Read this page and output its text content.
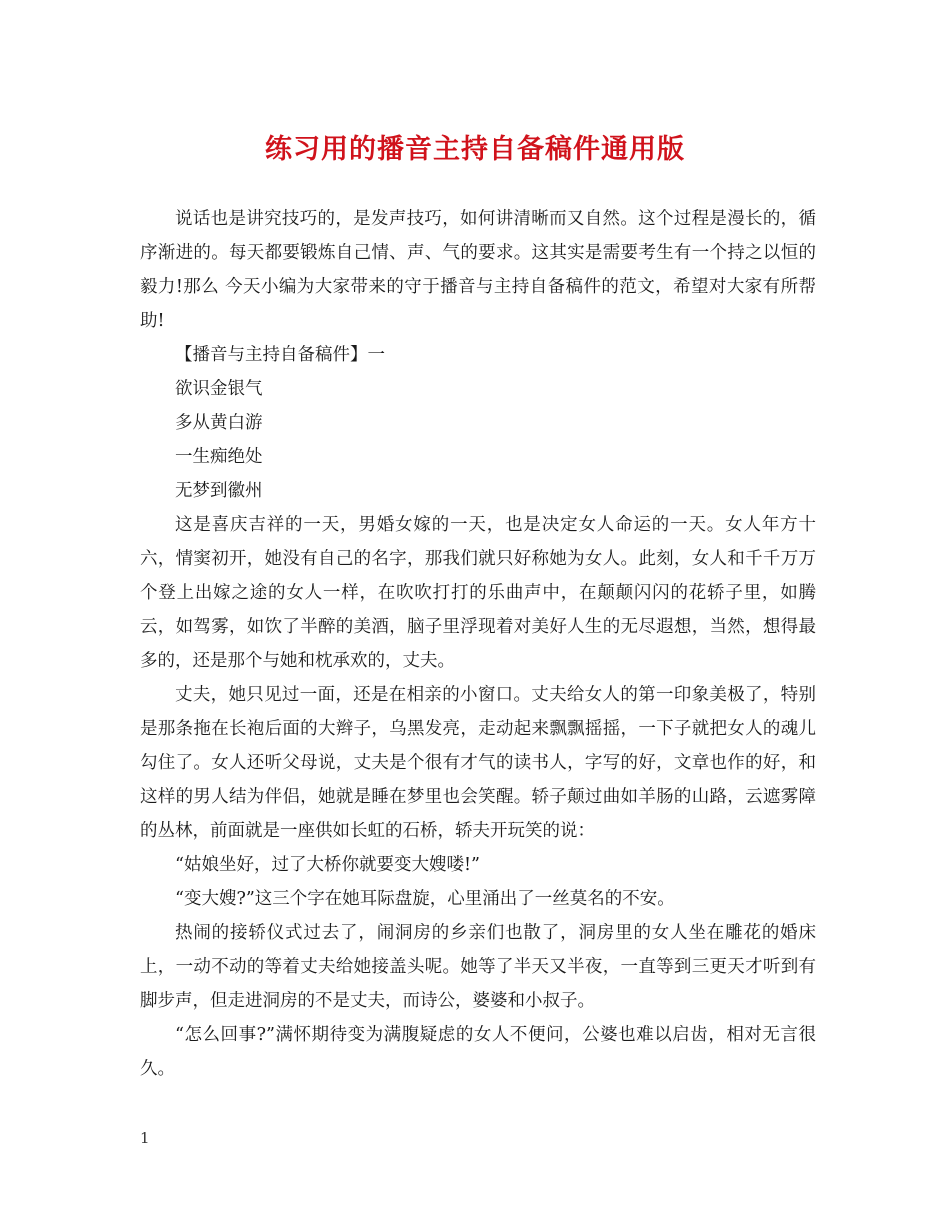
练习用的播音主持自备稿件通用版

说话也是讲究技巧的，是发声技巧，如何讲清晰而又自然。这个过程是漫长的，循序渐进的。每天都要锻炼自己情、声、气的要求。这其实是需要考生有一个持之以恒的毅力!那么 今天小编为大家带来的守于播音与主持自备稿件的范文，希望对大家有所帮助!

【播音与主持自备稿件】一

欲识金银气

多从黄白游

一生痴绝处

无梦到徽州

这是喜庆吉祥的一天，男婚女嫁的一天，也是决定女人命运的一天。女人年方十六，情窦初开，她没有自己的名字，那我们就只好称她为女人。此刻，女人和千千万万个登上出嫁之途的女人一样，在吹吹打打的乐曲声中，在颠颠闪闪的花轿子里，如腾云，如驾雾，如饮了半醉的美酒，脑子里浮现着对美好人生的无尽遐想，当然，想得最多的，还是那个与她和枕承欢的，丈夫。

丈夫，她只见过一面，还是在相亲的小窗口。丈夫给女人的第一印象美极了，特别是那条拖在长袍后面的大辫子，乌黑发亮，走动起来飘飘摇摇，一下子就把女人的魂儿勾住了。女人还听父母说，丈夫是个很有才气的读书人，字写的好，文章也作的好，和这样的男人结为伴侣，她就是睡在梦里也会笑醒。轿子颠过曲如羊肠的山路，云遮雾障的丛林，前面就是一座供如长虹的石桥，轿夫开玩笑的说：

“姑娘坐好，过了大桥你就要变大嫂喽!”

“变大嫂?”这三个字在她耳际盘旋，心里涌出了一丝莫名的不安。

热闹的接轿仪式过去了，闹洞房的乡亲们也散了，洞房里的女人坐在雕花的婚床上，一动不动的等着丈夫给她接盖头呢。她等了半天又半夜，一直等到三更天才听到有脚步声，但走进洞房的不是丈夫，而诗公，婆婆和小叔子。

“怎么回事?”满怀期待变为满腹疑虑的女人不便问，公婆也难以启齿，相对无言很久。

1
